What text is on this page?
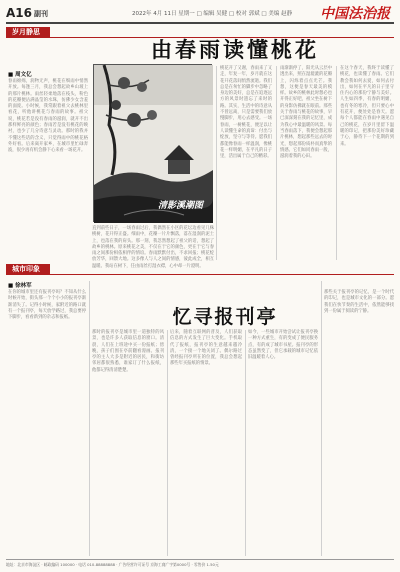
A16 副刊	2022年 4月 11日 星期一 □ 编辑 吴健 □ 校对 郭斌 □ 美编 赵静 中国法治报
岁月静思
由春雨读懂桃花
■ 周文亿
春雨绵绵，润物无声，桃花在细雨中悄然开放。每逢三月，我总会想起故乡山坡上的那片桃林。雨丝轻柔地落在枝头，粉色的花瓣便沾满晶莹的水珠，仿佛少女含羞的面庞。小时候，我常跟着祖父去桃林里看花，听他讲桃花与春雨的故事。祖父说，桃花若是没有春雨的滋润，就开不出那样鲜亮的颜色；春雨若是没有桃花的映衬，也少了几分诗意与灵动。那时的我并不懂这些话的含义，只觉得雨中的桃花格外好看。后来离开家乡，在城市里忙碌奔波，很少再有机会静下心来看一场花开。
清影溪潮图
直到前些日子，一场春雨过后，我偶然在小区的花坛边看见几株桃树，花开得正盛。细雨中，花瓣一片片飘落，落在湿润的泥土上，也落在我的肩头。那一刻，我忽然想起了祖父的话，想起了故乡的桃林。原来桃花之美，不仅在于它的颜色，更在于它与春雨之间那份相依相伴的情谊。春雨默默付出，不求回报；桃花绽放芳华，回馈大地。这多像人与人之间的情感，彼此成全，相互温暖。我站在树下，任由雨丝打湿衣襟，心中却一片澄明。
桃花开了又谢，春雨来了又走，年复一年，岁月就在这花开花落间悄然流逝。我们总是在匆忙的脚步中忽略了身边的美好，总是在追逐远方的风景时遗忘了来时的路。其实，生活中的诗意从不曾远离，只是需要我们放慢脚步，用心去感受。一场春雨，一树桃花，便足以让人读懂生命的真谛：付出与绽放，坚守与等待。愿我们都能像春雨一样温润，像桃花一样明媚，在平凡的日子里，活出属于自己的精彩。
雨渐渐停了，阳光从云层中透出来，照在湿漉漉的花瓣上，闪烁着点点光芒。我想，这便是春天最美的模样。故乡的桃林此时想必也开得正好吧，祖父坐在树下的身影仿佛就在眼前。那些关于春雨与桃花的故事，早已深深刻在我的记忆里，成为我心中最温暖的风景。每当春雨落下，我便会想起那片桃林，想起那些远去的时光，想起那份质朴而真挚的情感。它们如同春雨一般，滋润着我的心田。
在这个春天，我终于读懂了桃花，也读懂了春雨。它们教会我如何去爱，如何去付出，如何在平凡的日子里守住内心的那份宁静与美好。人生如四季，有春的明媚，也有冬的寒冷，但只要心中有花开，便处处是春天。愿每个人都能在春雨中遇见自己的桃花，在岁月里留下温暖的印记，把那份美好珍藏于心，静待下一个花期的到来。
城市印象
忆寻报刊亭
■ 徐林军
在你的城市里还有报刊亭吗？不知从什么时候开始，街头那一个个小小的报刊亭渐渐消失了。记得小时候，家附近的路口就有一个报刊亭，每天放学路过，我总要停下脚步，看看新到的杂志和报纸。
那时的报刊亭是城市里一道独特的风景，也是许多人获取信息的窗口。清晨，人们在上班途中买一份报纸；傍晚，孩子们围在亭前翻看漫画。报刊亭的主人大多是附近的居民，和街坊邻居都很熟悉，谁家订了什么报纸，他都记得清清楚楚。
后来，随着互联网的普及，人们获取信息的方式发生了巨大变化。手机取代了报纸，报刊亭的生意越来越冷清，一个接一个地关闭了。偶尔路过曾经报刊亭所在的位置，我总会想起那些年买报纸的情景。
如今，一些城市开始尝试让报刊亭换一种方式重生，有的变成了便民服务点，有的成了城市书屋。报刊亭的形态虽然变了，但它承载的城市记忆依旧温暖着人心。
那些关于报刊亭的记忆，是一个时代的印记，也是城市文化的一部分。愿我们在快节奏的生活中，依然能够找到一份属于阅读的宁静。
地址：北京市海淀区 · 邮政编码 100000 · 电话 010-88888888 · 广告经营许可证号 京海工商广字第0000号 · 零售价 1.50元
